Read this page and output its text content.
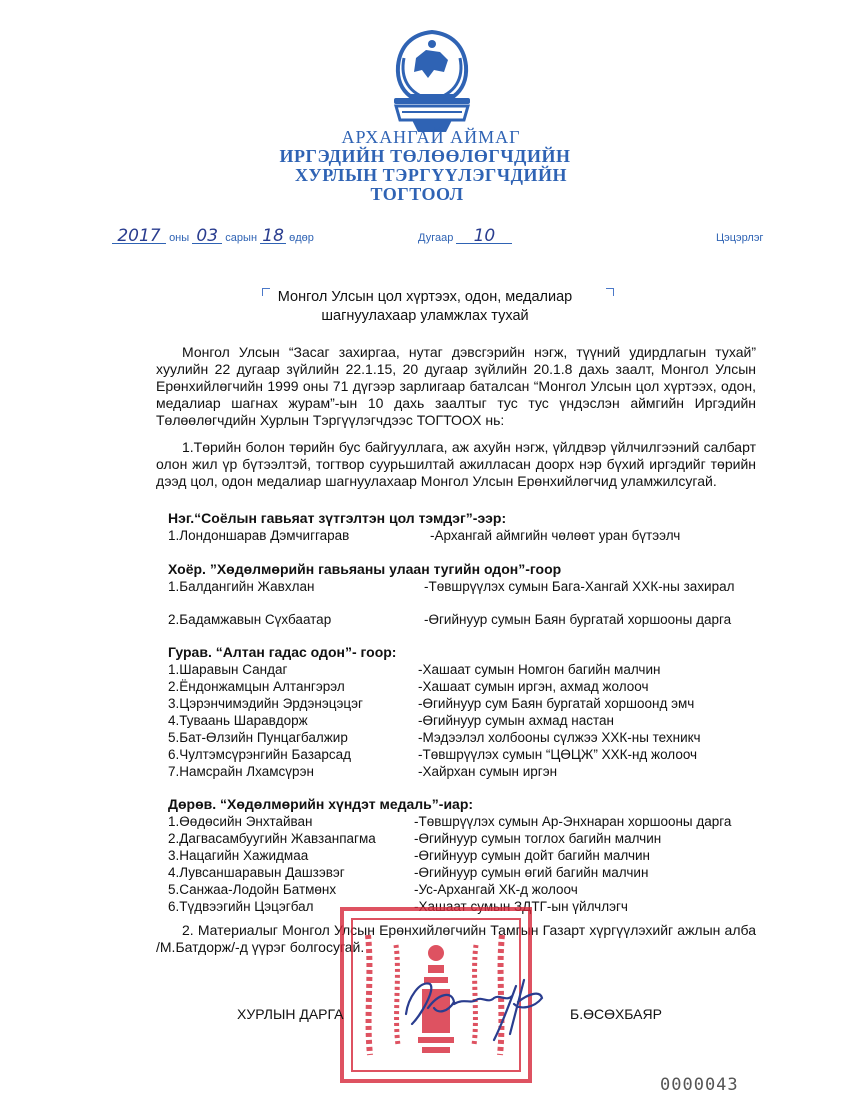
АРХАНГАЙ АЙМАГ
ИРГЭДИЙН ТӨЛӨӨЛӨГЧДИЙН
ХУРЛЫН ТЭРГҮҮЛЭГЧДИЙН
ТОГТООЛ
2017 оны 03 сарын 18 өдөр	Дугаар 10	Цэцэрлэг
Монгол Улсын цол хүртээх, одон, медалиар
шагнуулахаар уламжлах тухай
Монгол Улсын “Засаг захиргаа, нутаг дэвсгэрийн нэгж, түүний удирдлагын тухай” хуулийн 22 дугаар зүйлийн 22.1.15, 20 дугаар зүйлийн 20.1.8 дахь заалт, Монгол Улсын Ерөнхийлөгчийн 1999 оны 71 дүгээр зарлигаар баталсан “Монгол Улсын цол хүртээх, одон, медалиар шагнах журам”-ын 10 дахь заалтыг тус тус үндэслэн аймгийн Иргэдийн Төлөөлөгчдийн Хурлын Тэргүүлэгчдээс ТОГТООХ нь:
1.Төрийн болон төрийн бус байгууллага, аж ахуйн нэгж, үйлдвэр үйлчилгээний салбарт олон жил үр бүтээлтэй, тогтвор суурьшилтай ажилласан доорх нэр бүхий иргэдийг төрийн дээд цол, одон медалиар шагнуулахаар Монгол Улсын Ерөнхийлөгчид уламжилсугай.
Нэг.“Соёлын гавьяат зүтгэлтэн цол тэмдэг”-ээр:
1.Лондоншарав Дэмчиггарав	-Архангай аймгийн чөлөөт уран бүтээлч
Хоёр. ”Хөдөлмөрийн гавьяаны улаан тугийн одон”-гоор
1.Балдангийн Жавхлан	-Төвшрүүлэх сумын Бага-Хангай ХХК-ны захирал
2.Бадамжавын Сүхбаатар	-Өгийнуур сумын Баян бургатай хоршооны дарга
Гурав. “Алтан гадас одон”- гоор:
1.Шаравын Сандаг	-Хашаат сумын Номгон багийн малчин
2.Ёндонжамцын Алтангэрэл	-Хашаат сумын иргэн, ахмад жолооч
3.Цэрэнчимэдийн Эрдэнэцэцэг	-Өгийнуур сум Баян бургатай хоршоонд эмч
4.Туваань Шаравдорж	-Өгийнуур сумын ахмад настан
5.Бат-Өлзийн Пунцагбалжир	-Мэдээлэл холбооны сүлжээ ХХК-ны техникч
6.Чултэмсүрэнгийн Базарсад	-Төвшрүүлэх сумын “ЦӨЦЖ” ХХК-нд жолооч
7.Намсрайн Лхамсүрэн	-Хайрхан сумын иргэн
Дөрөв. “Хөдөлмөрийн хүндэт медаль”-иар:
1.Өөдөсийн Энхтайван	-Төвшрүүлэх сумын Ар-Энхнаран хоршооны дарга
2.Дагвасамбуугийн Жавзанпагма	-Өгийнуур сумын тоглох багийн малчин
3.Нацагийн Хажидмаа	-Өгийнуур сумын дойт багийн малчин
4.Лувсаншаравын Дашзэвэг	-Өгийнуур сумын өгий багийн малчин
5.Санжаа-Лодойн Батмөнх	-Ус-Архангай ХК-д жолооч
6.Түдвээгийн Цэцэгбал	-Хашаат сумын ЗДТГ-ын үйлчлэгч
2. Материалыг Монгол Улсын Ерөнхийлөгчийн Тамгын Газарт хүргүүлэхийг ажлын алба /М.Батдорж/-д үүрэг болгосугай.
ХУРЛЫН ДАРГА	Б.ӨСӨХБАЯР
0000043
